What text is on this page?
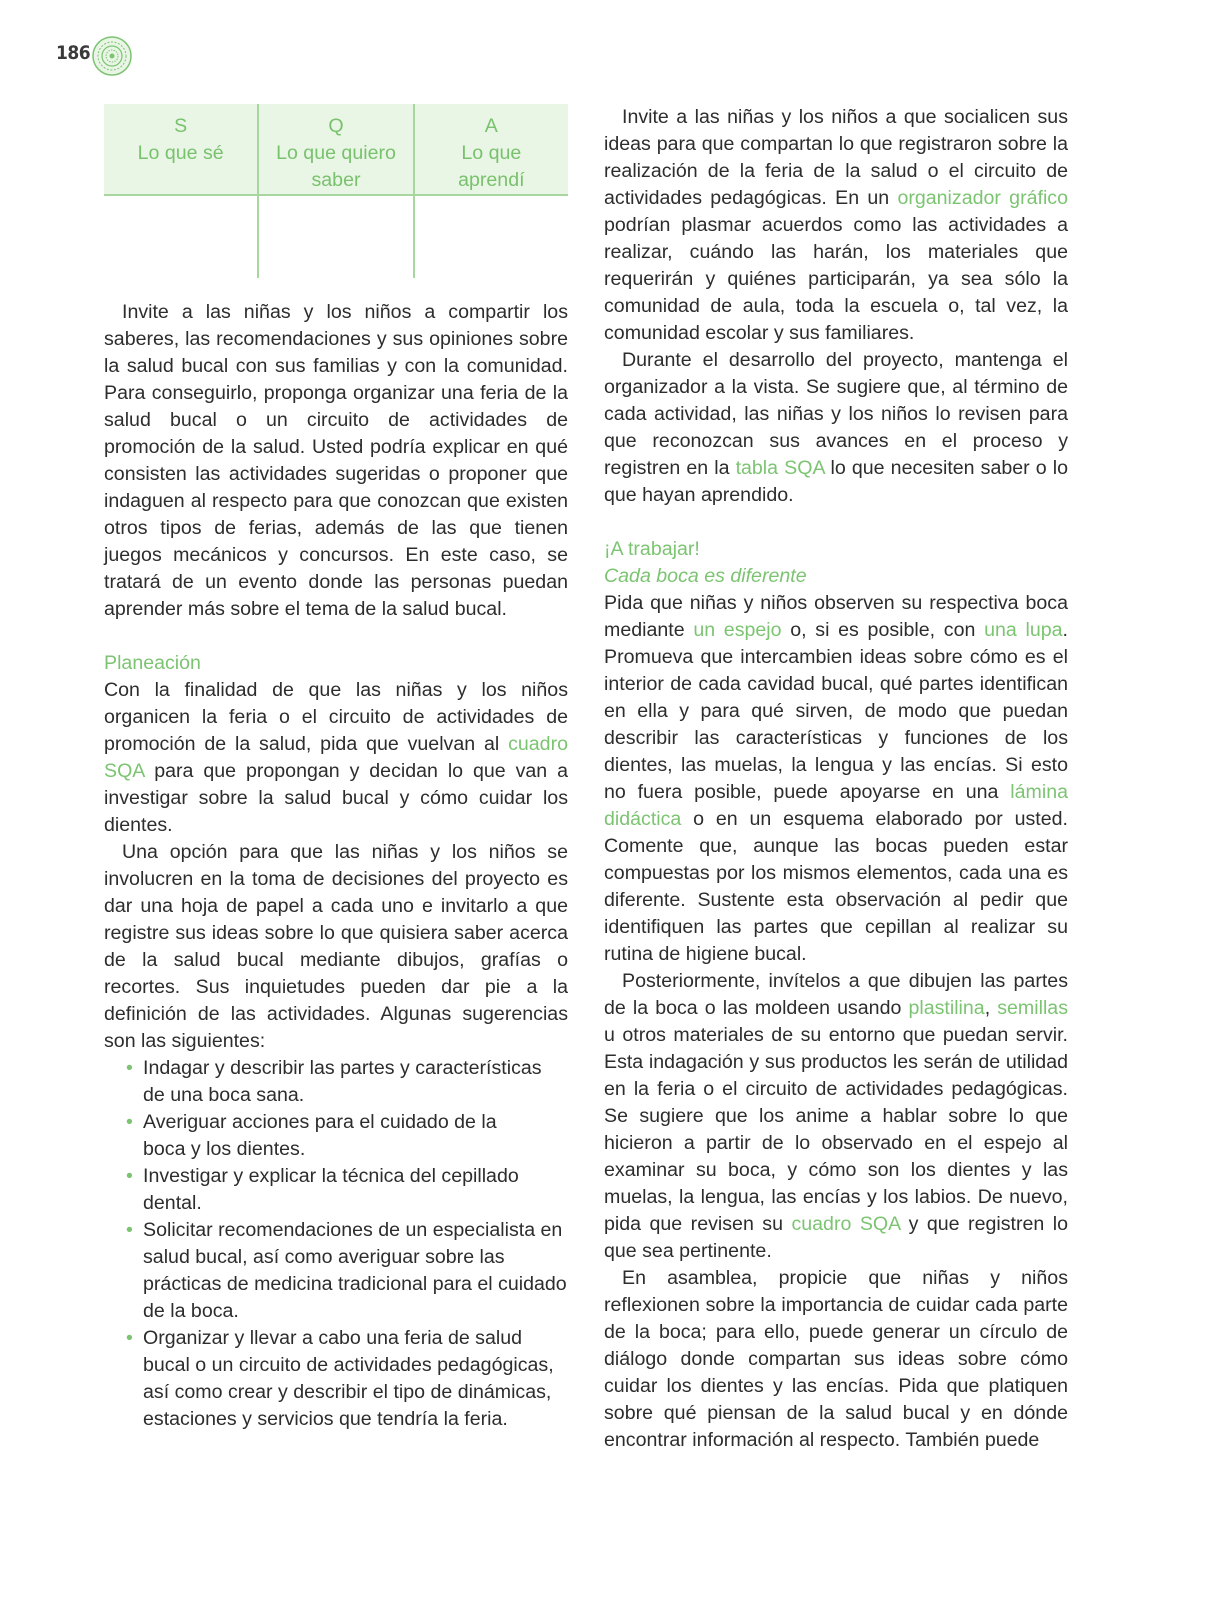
186
S
Lo que sé
Q
Lo que quiero saber
A
Lo que aprendí

Invite a las niñas y los niños a compartir los saberes, las recomendaciones y sus opiniones sobre la salud bucal con sus familias y con la comunidad. Para conseguirlo, proponga organizar una feria de la salud bucal o un circuito de actividades de promoción de la salud. Usted podría explicar en qué consisten las actividades sugeridas o proponer que indaguen al respecto para que conozcan que existen otros tipos de ferias, además de las que tienen juegos mecánicos y concursos. En este caso, se tratará de un evento donde las personas puedan aprender más sobre el tema de la salud bucal.

Planeación

Con la finalidad de que las niñas y los niños organicen la feria o el circuito de actividades de promoción de la salud, pida que vuelvan al cuadro SQA para que propongan y decidan lo que van a investigar sobre la salud bucal y cómo cuidar los dientes.

Una opción para que las niñas y los niños se involucren en la toma de decisiones del proyecto es dar una hoja de papel a cada uno e invitarlo a que registre sus ideas sobre lo que quisiera saber acerca de la salud bucal mediante dibujos, grafías o recortes. Sus inquietudes pueden dar pie a la definición de las actividades. Algunas sugerencias son las siguientes:

• Indagar y describir las partes y características de una boca sana.
• Averiguar acciones para el cuidado de la boca y los dientes.
• Investigar y explicar la técnica del cepillado dental.
• Solicitar recomendaciones de un especialista en salud bucal, así como averiguar sobre las prácticas de medicina tradicional para el cuidado de la boca.
• Organizar y llevar a cabo una feria de salud bucal o un circuito de actividades pedagógicas, así como crear y describir el tipo de dinámicas, estaciones y servicios que tendría la feria.

Invite a las niñas y los niños a que socialicen sus ideas para que compartan lo que registraron sobre la realización de la feria de la salud o el circuito de actividades pedagógicas. En un organizador gráfico podrían plasmar acuerdos como las actividades a realizar, cuándo las harán, los materiales que requerirán y quiénes participarán, ya sea sólo la comunidad de aula, toda la escuela o, tal vez, la comunidad escolar y sus familiares.

Durante el desarrollo del proyecto, mantenga el organizador a la vista. Se sugiere que, al término de cada actividad, las niñas y los niños lo revisen para que reconozcan sus avances en el proceso y registren en la tabla SQA lo que necesiten saber o lo que hayan aprendido.

¡A trabajar!

Cada boca es diferente

Pida que niñas y niños observen su respectiva boca mediante un espejo o, si es posible, con una lupa. Promueva que intercambien ideas sobre cómo es el interior de cada cavidad bucal, qué partes identifican en ella y para qué sirven, de modo que puedan describir las características y funciones de los dientes, las muelas, la lengua y las encías. Si esto no fuera posible, puede apoyarse en una lámina didáctica o en un esquema elaborado por usted. Comente que, aunque las bocas pueden estar compuestas por los mismos elementos, cada una es diferente. Sustente esta observación al pedir que identifiquen las partes que cepillan al realizar su rutina de higiene bucal.

Posteriormente, invítelos a que dibujen las partes de la boca o las moldeen usando plastilina, semillas u otros materiales de su entorno que puedan servir. Esta indagación y sus productos les serán de utilidad en la feria o el circuito de actividades pedagógicas. Se sugiere que los anime a hablar sobre lo que hicieron a partir de lo observado en el espejo al examinar su boca, y cómo son los dientes y las muelas, la lengua, las encías y los labios. De nuevo, pida que revisen su cuadro SQA y que registren lo que sea pertinente.

En asamblea, propicie que niñas y niños reflexionen sobre la importancia de cuidar cada parte de la boca; para ello, puede generar un círculo de diálogo donde compartan sus ideas sobre cómo cuidar los dientes y las encías. Pida que platiquen sobre qué piensan de la salud bucal y en dónde encontrar información al respecto. También puede
